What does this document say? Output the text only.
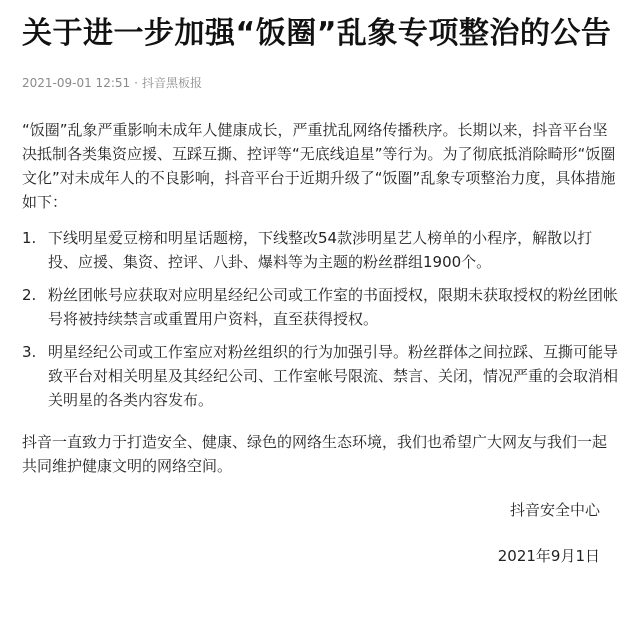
关于进一步加强“饭圈”乱象专项整治的公告
2021-09-01 12:51 · 抖音黑板报

“饭圈”乱象严重影响未成年人健康成长，严重扰乱网络传播秩序。长期以来，抖音平台坚决抵制各类集资应援、互踩互撕、控评等“无底线追星”等行为。为了彻底抵消除畸形“饭圈文化”对未成年人的不良影响，抖音平台于近期升级了“饭圈”乱象专项整治力度，具体措施如下：

1. 下线明星爱豆榜和明星话题榜，下线整改54款涉明星艺人榜单的小程序，解散以打投、应援、集资、控评、八卦、爆料等为主题的粉丝群组1900个。
2. 粉丝团帐号应获取对应明星经纪公司或工作室的书面授权，限期未获取授权的粉丝团帐号将被持续禁言或重置用户资料，直至获得授权。
3. 明星经纪公司或工作室应对粉丝组织的行为加强引导。粉丝群体之间拉踩、互撕可能导致平台对相关明星及其经纪公司、工作室帐号限流、禁言、关闭，情况严重的会取消相关明星的各类内容发布。

抖音一直致力于打造安全、健康、绿色的网络生态环境，我们也希望广大网友与我们一起共同维护健康文明的网络空间。

抖音安全中心
2021年9月1日
